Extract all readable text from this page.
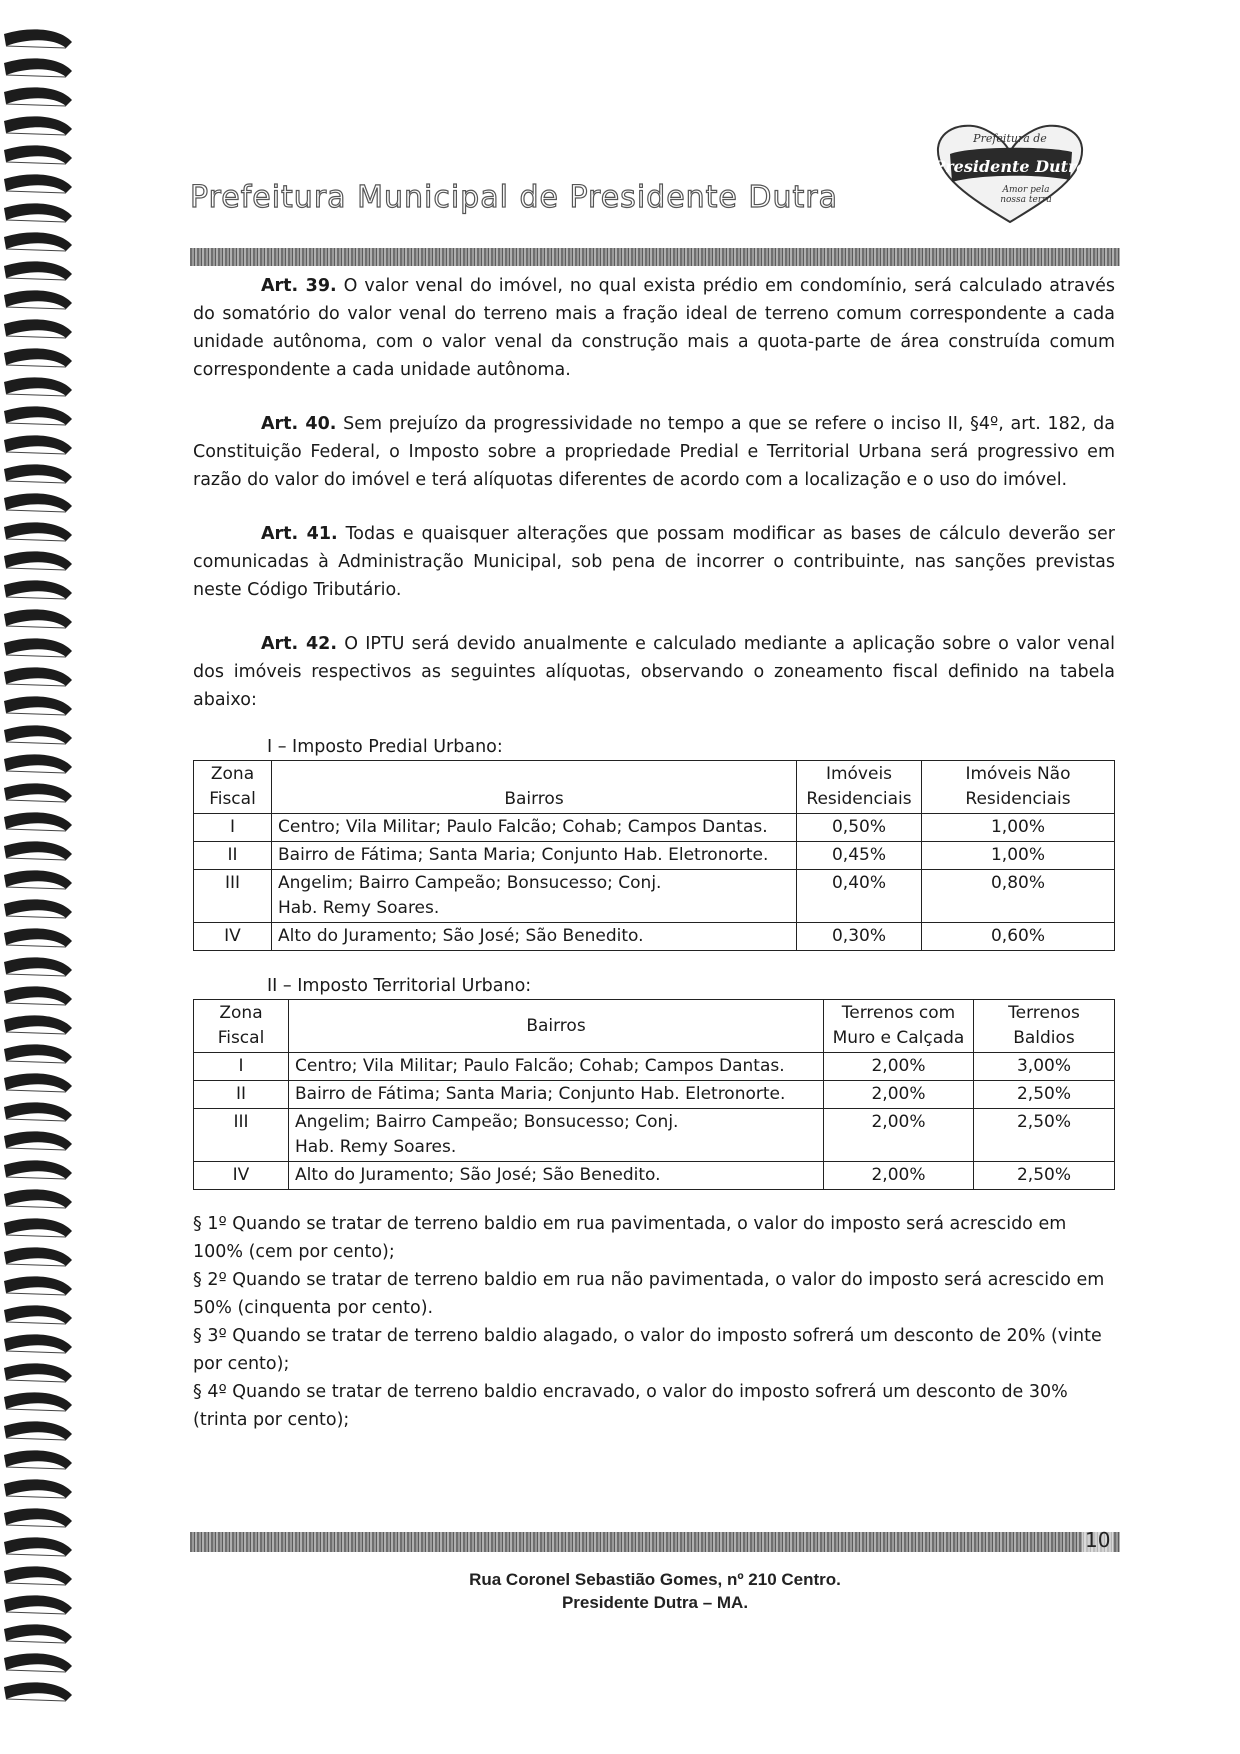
Prefeitura Municipal de Presidente Dutra
Prefeitura de
Presidente Dutra
Amor pela
nossa terra

Art. 39. O valor venal do imóvel, no qual exista prédio em condomínio, será calculado através do somatório do valor venal do terreno mais a fração ideal de terreno comum correspondente a cada unidade autônoma, com o valor venal da construção mais a quota-parte de área construída comum correspondente a cada unidade autônoma.

Art. 40. Sem prejuízo da progressividade no tempo a que se refere o inciso II, §4º, art. 182, da Constituição Federal, o Imposto sobre a propriedade Predial e Territorial Urbana será progressivo em razão do valor do imóvel e terá alíquotas diferentes de acordo com a localização e o uso do imóvel.

Art. 41. Todas e quaisquer alterações que possam modificar as bases de cálculo deverão ser comunicadas à Administração Municipal, sob pena de incorrer o contribuinte, nas sanções previstas neste Código Tributário.

Art. 42. O IPTU será devido anualmente e calculado mediante a aplicação sobre o valor venal dos imóveis respectivos as seguintes alíquotas, observando o zoneamento fiscal definido na tabela abaixo:

I – Imposto Predial Urbano:
Zona Fiscal	Bairros	Imóveis Residenciais	Imóveis Não Residenciais
I	Centro; Vila Militar; Paulo Falcão; Cohab; Campos Dantas.	0,50%	1,00%
II	Bairro de Fátima; Santa Maria; Conjunto Hab. Eletronorte.	0,45%	1,00%
III	Angelim; Bairro Campeão; Bonsucesso; Conj. Hab. Remy Soares.	0,40%	0,80%
IV	Alto do Juramento; São José; São Benedito.	0,30%	0,60%
II – Imposto Territorial Urbano:
Zona Fiscal	Bairros	Terrenos com Muro e Calçada	Terrenos Baldios
I	Centro; Vila Militar; Paulo Falcão; Cohab; Campos Dantas.	2,00%	3,00%
II	Bairro de Fátima; Santa Maria; Conjunto Hab. Eletronorte.	2,00%	2,50%
III	Angelim; Bairro Campeão; Bonsucesso; Conj. Hab. Remy Soares.	2,00%	2,50%
IV	Alto do Juramento; São José; São Benedito.	2,00%	2,50%
§ 1º Quando se tratar de terreno baldio em rua pavimentada, o valor do imposto será acrescido em 100% (cem por cento);
§ 2º Quando se tratar de terreno baldio em rua não pavimentada, o valor do imposto será acrescido em 50% (cinquenta por cento).
§ 3º Quando se tratar de terreno baldio alagado, o valor do imposto sofrerá um desconto de 20% (vinte por cento);
§ 4º Quando se tratar de terreno baldio encravado, o valor do imposto sofrerá um desconto de 30% (trinta por cento);
10
Rua Coronel Sebastião Gomes, nº 210 Centro.
Presidente Dutra – MA.
